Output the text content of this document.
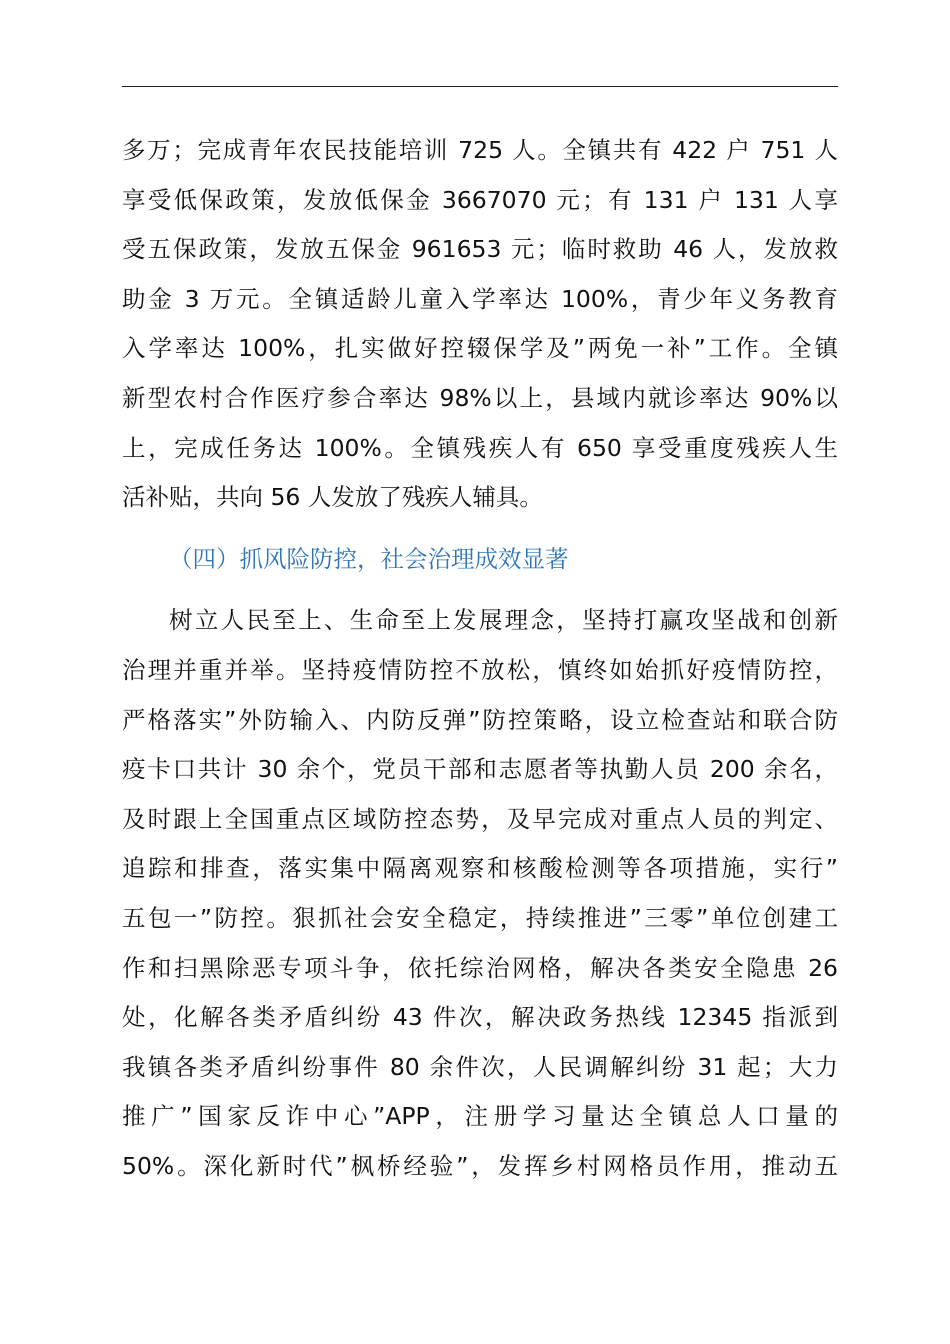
多万；完成青年农民技能培训 725 人。全镇共有 422 户 751 人
享受低保政策，发放低保金 3667070 元；有 131 户 131 人享
受五保政策，发放五保金 961653 元；临时救助 46 人，发放救
助金 3 万元。全镇适龄儿童入学率达 100%，青少年义务教育
入学率达 100%，扎实做好控辍保学及”两免一补”工作。全镇
新型农村合作医疗参合率达 98%以上，县域内就诊率达 90%以
上，完成任务达 100%。全镇残疾人有 650 享受重度残疾人生
活补贴，共向 56 人发放了残疾人辅具。
（四）抓风险防控，社会治理成效显著
树立人民至上、生命至上发展理念，坚持打赢攻坚战和创新
治理并重并举。坚持疫情防控不放松，慎终如始抓好疫情防控，
严格落实”外防输入、内防反弹”防控策略，设立检查站和联合防
疫卡口共计 30 余个，党员干部和志愿者等执勤人员 200 余名，
及时跟上全国重点区域防控态势，及早完成对重点人员的判定、
追踪和排查，落实集中隔离观察和核酸检测等各项措施，实行”
五包一”防控。狠抓社会安全稳定，持续推进”三零”单位创建工
作和扫黑除恶专项斗争，依托综治网格，解决各类安全隐患 26
处，化解各类矛盾纠纷 43 件次，解决政务热线 12345 指派到
我镇各类矛盾纠纷事件 80 余件次，人民调解纠纷 31 起；大力
推广”国家反诈中心”APP，注册学习量达全镇总人口量的
50%。深化新时代”枫桥经验”，发挥乡村网格员作用，推动五
